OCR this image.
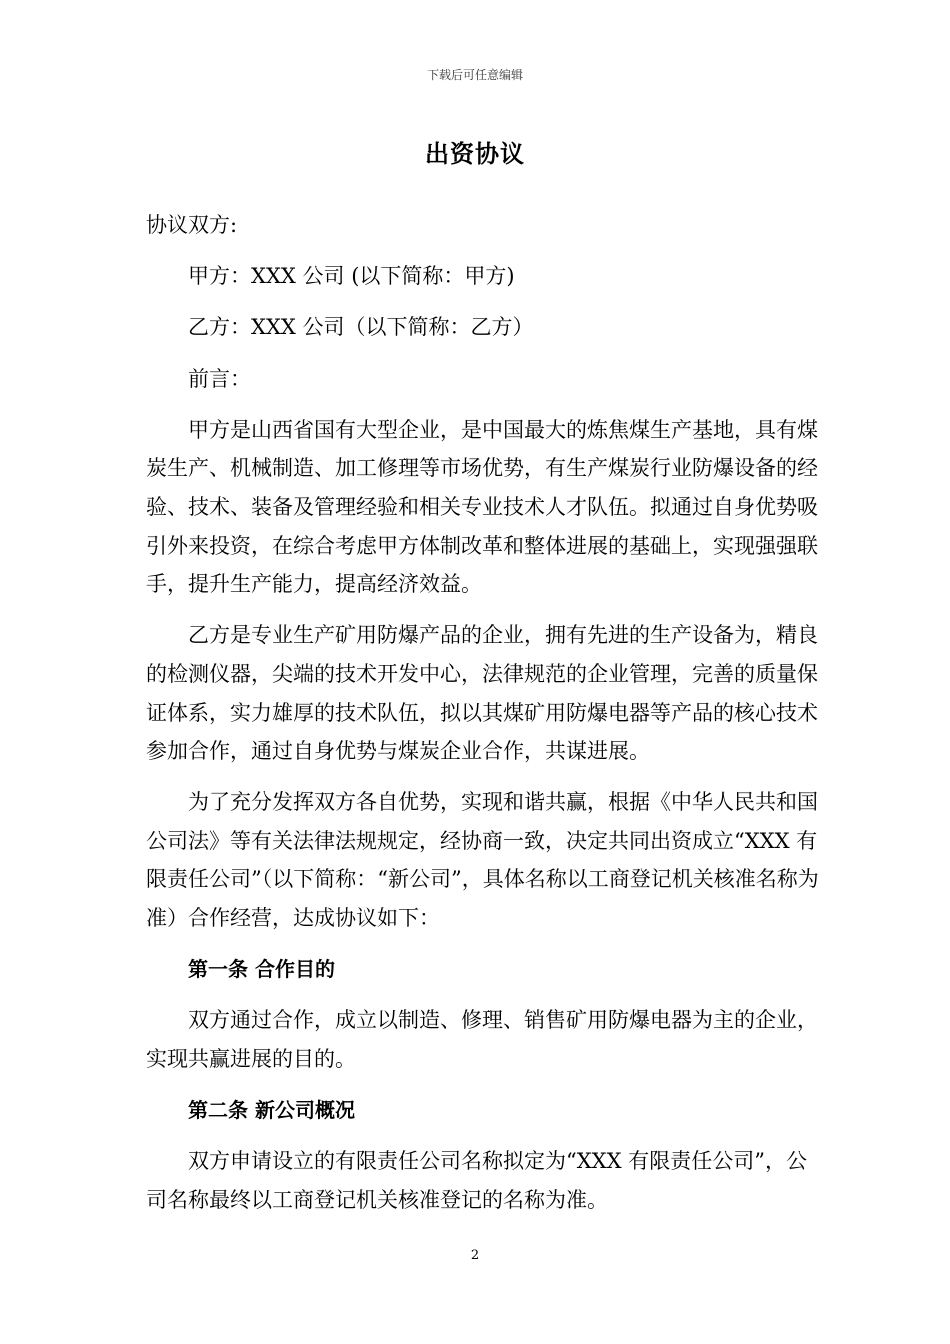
下载后可任意编辑
出资协议

协议双方:

甲方：XXX 公司 (以下简称：甲方)

乙方：XXX 公司（以下简称：乙方）

前言：

甲方是山西省国有大型企业，是中国最大的炼焦煤生产基地，具有煤炭生产、机械制造、加工修理等市场优势，有生产煤炭行业防爆设备的经验、技术、装备及管理经验和相关专业技术人才队伍。拟通过自身优势吸引外来投资，在综合考虑甲方体制改革和整体进展的基础上，实现强强联手，提升生产能力，提高经济效益。

乙方是专业生产矿用防爆产品的企业，拥有先进的生产设备为，精良的检测仪器，尖端的技术开发中心，法律规范的企业管理，完善的质量保证体系，实力雄厚的技术队伍，拟以其煤矿用防爆电器等产品的核心技术参加合作，通过自身优势与煤炭企业合作，共谋进展。

为了充分发挥双方各自优势，实现和谐共赢，根据《中华人民共和国公司法》等有关法律法规规定，经协商一致，决定共同出资成立“XXX 有限责任公司”（以下简称：“新公司”，具体名称以工商登记机关核准名称为准）合作经营，达成协议如下：

第一条 合作目的

双方通过合作，成立以制造、修理、销售矿用防爆电器为主的企业，实现共赢进展的目的。

第二条 新公司概况

双方申请设立的有限责任公司名称拟定为“XXX 有限责任公司”，公司名称最终以工商登记机关核准登记的名称为准。

2
